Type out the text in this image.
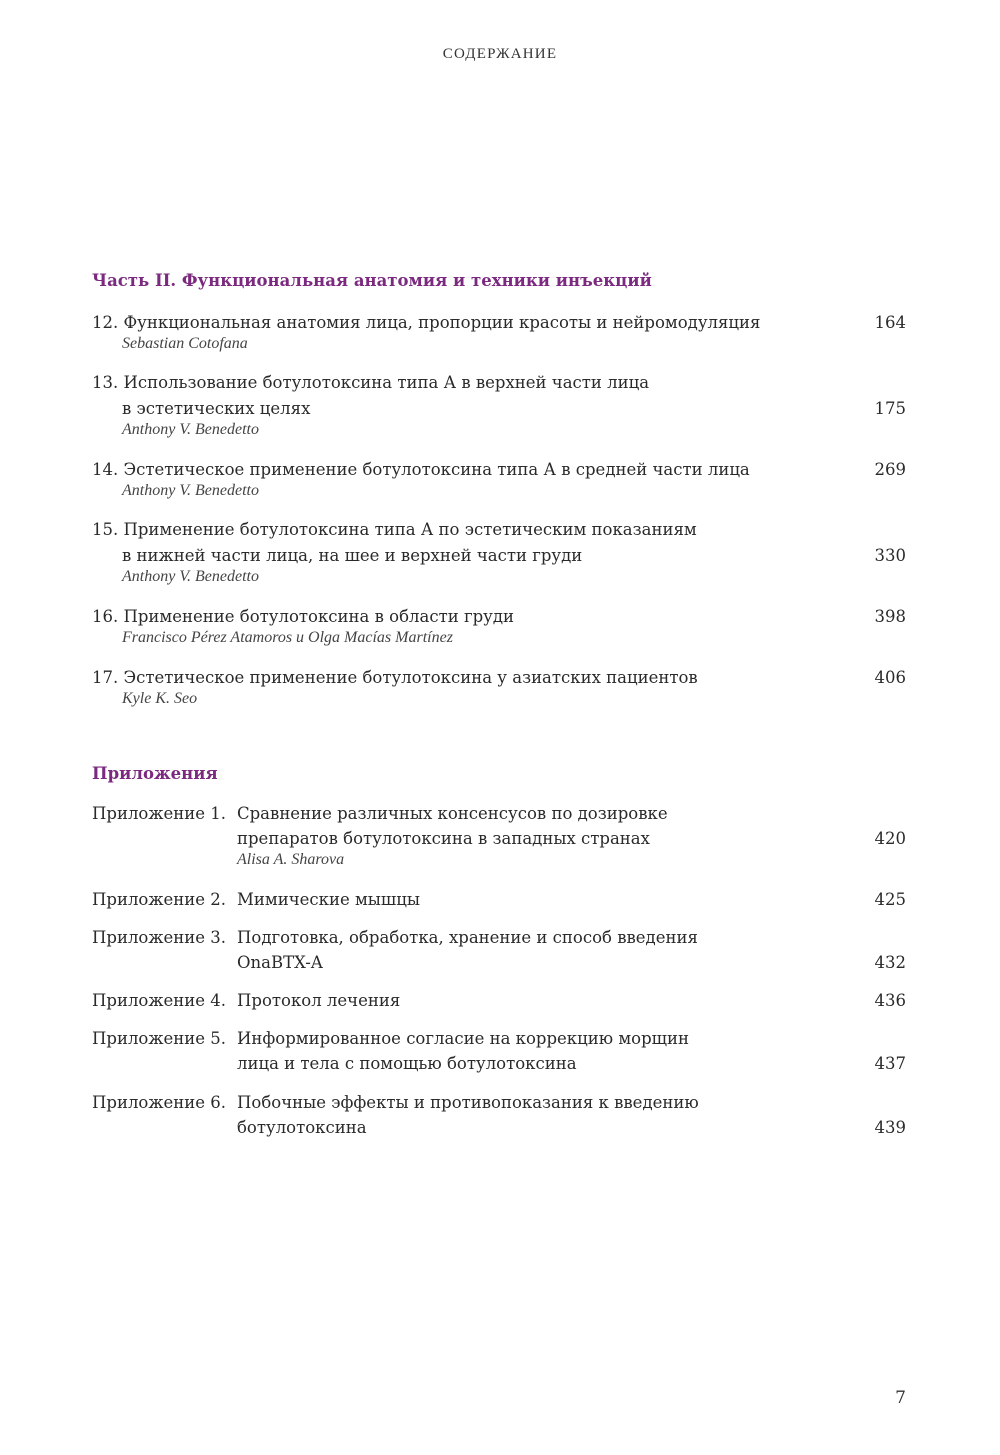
СОДЕРЖАНИЕ
Часть II. Функциональная анатомия и техники инъекций
12. Функциональная анатомия лица, пропорции красоты и нейромодуляция	164
Sebastian Cotofana
13. Использование ботулотоксина типа А в верхней части лица
в эстетических целях	175
Anthony V. Benedetto
14. Эстетическое применение ботулотоксина типа А в средней части лица	269
Anthony V. Benedetto
15. Применение ботулотоксина типа А по эстетическим показаниям
в нижней части лица, на шее и верхней части груди	330
Anthony V. Benedetto
16. Применение ботулотоксина в области груди	398
Francisco Pérez Atamoros и Olga Macías Martínez
17. Эстетическое применение ботулотоксина у азиатских пациентов	406
Kyle K. Seo
Приложения
Приложение 1. Сравнение различных консенсусов по дозировке
препаратов ботулотоксина в западных странах	420
Alisa A. Sharova
Приложение 2. Мимические мышцы	425
Приложение 3. Подготовка, обработка, хранение и способ введения
OnaBTX-A	432
Приложение 4. Протокол лечения	436
Приложение 5. Информированное согласие на коррекцию морщин
лица и тела с помощью ботулотоксина	437
Приложение 6. Побочные эффекты и противопоказания к введению
ботулотоксина	439
7
